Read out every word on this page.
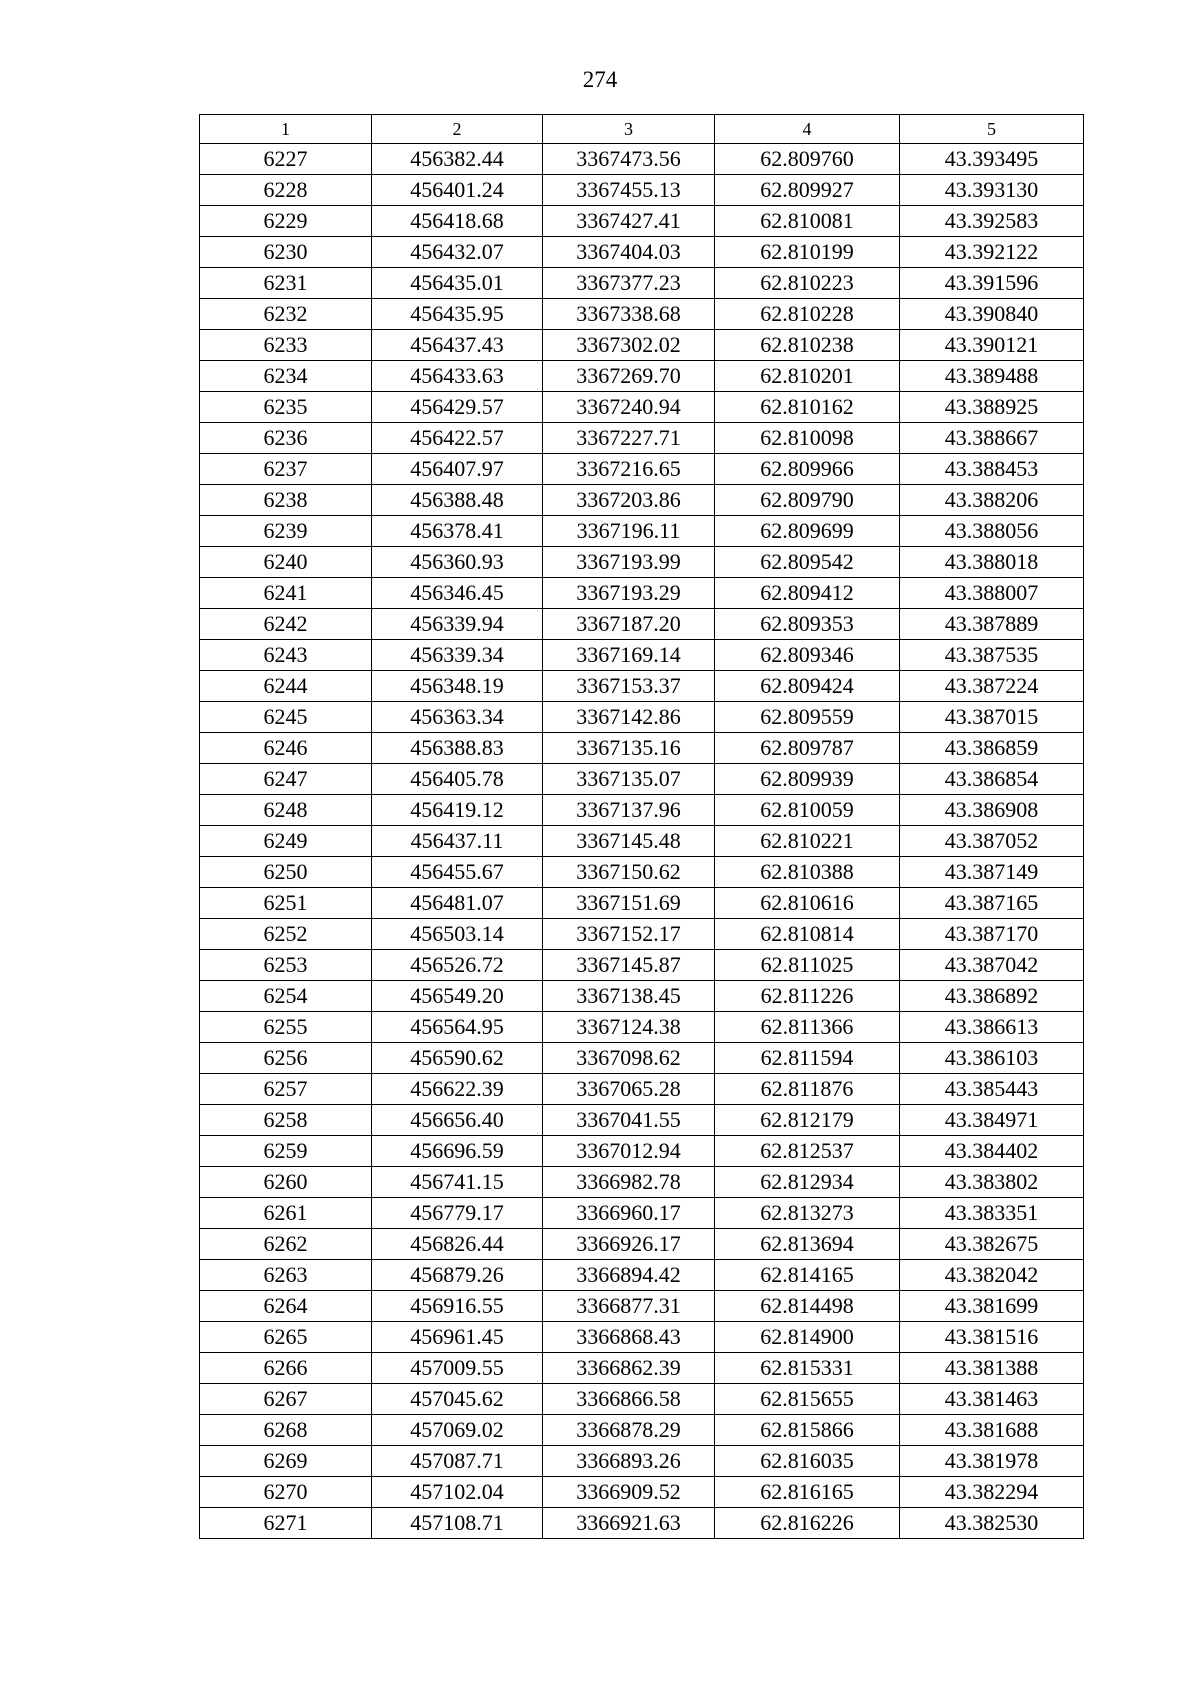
274
1	2	3	4	5
6227	456382.44	3367473.56	62.809760	43.393495
6228	456401.24	3367455.13	62.809927	43.393130
6229	456418.68	3367427.41	62.810081	43.392583
6230	456432.07	3367404.03	62.810199	43.392122
6231	456435.01	3367377.23	62.810223	43.391596
6232	456435.95	3367338.68	62.810228	43.390840
6233	456437.43	3367302.02	62.810238	43.390121
6234	456433.63	3367269.70	62.810201	43.389488
6235	456429.57	3367240.94	62.810162	43.388925
6236	456422.57	3367227.71	62.810098	43.388667
6237	456407.97	3367216.65	62.809966	43.388453
6238	456388.48	3367203.86	62.809790	43.388206
6239	456378.41	3367196.11	62.809699	43.388056
6240	456360.93	3367193.99	62.809542	43.388018
6241	456346.45	3367193.29	62.809412	43.388007
6242	456339.94	3367187.20	62.809353	43.387889
6243	456339.34	3367169.14	62.809346	43.387535
6244	456348.19	3367153.37	62.809424	43.387224
6245	456363.34	3367142.86	62.809559	43.387015
6246	456388.83	3367135.16	62.809787	43.386859
6247	456405.78	3367135.07	62.809939	43.386854
6248	456419.12	3367137.96	62.810059	43.386908
6249	456437.11	3367145.48	62.810221	43.387052
6250	456455.67	3367150.62	62.810388	43.387149
6251	456481.07	3367151.69	62.810616	43.387165
6252	456503.14	3367152.17	62.810814	43.387170
6253	456526.72	3367145.87	62.811025	43.387042
6254	456549.20	3367138.45	62.811226	43.386892
6255	456564.95	3367124.38	62.811366	43.386613
6256	456590.62	3367098.62	62.811594	43.386103
6257	456622.39	3367065.28	62.811876	43.385443
6258	456656.40	3367041.55	62.812179	43.384971
6259	456696.59	3367012.94	62.812537	43.384402
6260	456741.15	3366982.78	62.812934	43.383802
6261	456779.17	3366960.17	62.813273	43.383351
6262	456826.44	3366926.17	62.813694	43.382675
6263	456879.26	3366894.42	62.814165	43.382042
6264	456916.55	3366877.31	62.814498	43.381699
6265	456961.45	3366868.43	62.814900	43.381516
6266	457009.55	3366862.39	62.815331	43.381388
6267	457045.62	3366866.58	62.815655	43.381463
6268	457069.02	3366878.29	62.815866	43.381688
6269	457087.71	3366893.26	62.816035	43.381978
6270	457102.04	3366909.52	62.816165	43.382294
6271	457108.71	3366921.63	62.816226	43.382530
